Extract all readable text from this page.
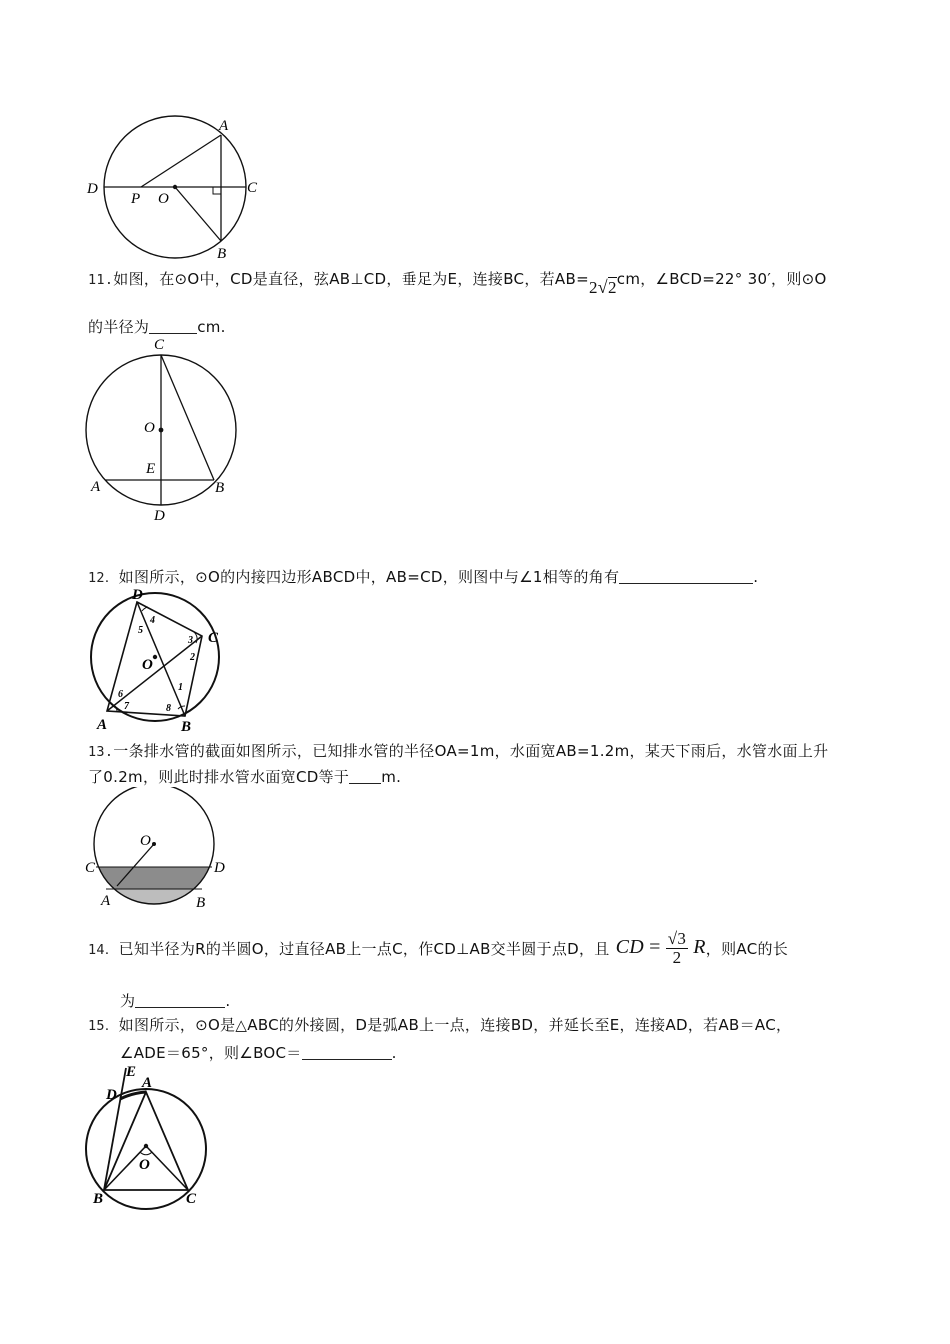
A
D	C
P O
B
11.如图，在⊙O中，CD是直径，弦AB⊥CD，垂足为E，连接BC，若AB=2√2cm，∠BCD=22° 30′，则⊙O
的半径为	cm.
C
O
E
A	B
D
12．如图所示，⊙O的内接四边形ABCD中，AB=CD，则图中与∠1相等的角有	.
D
C
O
A	B
1
2
3
4
5
6
7	8
13.一条排水管的截面如图所示，已知排水管的半径OA=1m，水面宽AB=1.2m，某天下雨后，水管水面上升
了0.2m，则此时排水管水面宽CD等于 m.
O
C	D
A	B
14． 已知半径为R的半圆O，过直径AB上一点C，作CD⊥AB交半圆于点D，且 CD = $\frac{√3}{2}$ R ，则AC的长
为	.
15．如图所示，⊙O是△ABC的外接圆，D是弧AB上一点，连接BD，并延长至E，连接AD，若AB＝AC，
∠ADE＝65°，则∠BOC＝	.
E
D
A
O
B	C
